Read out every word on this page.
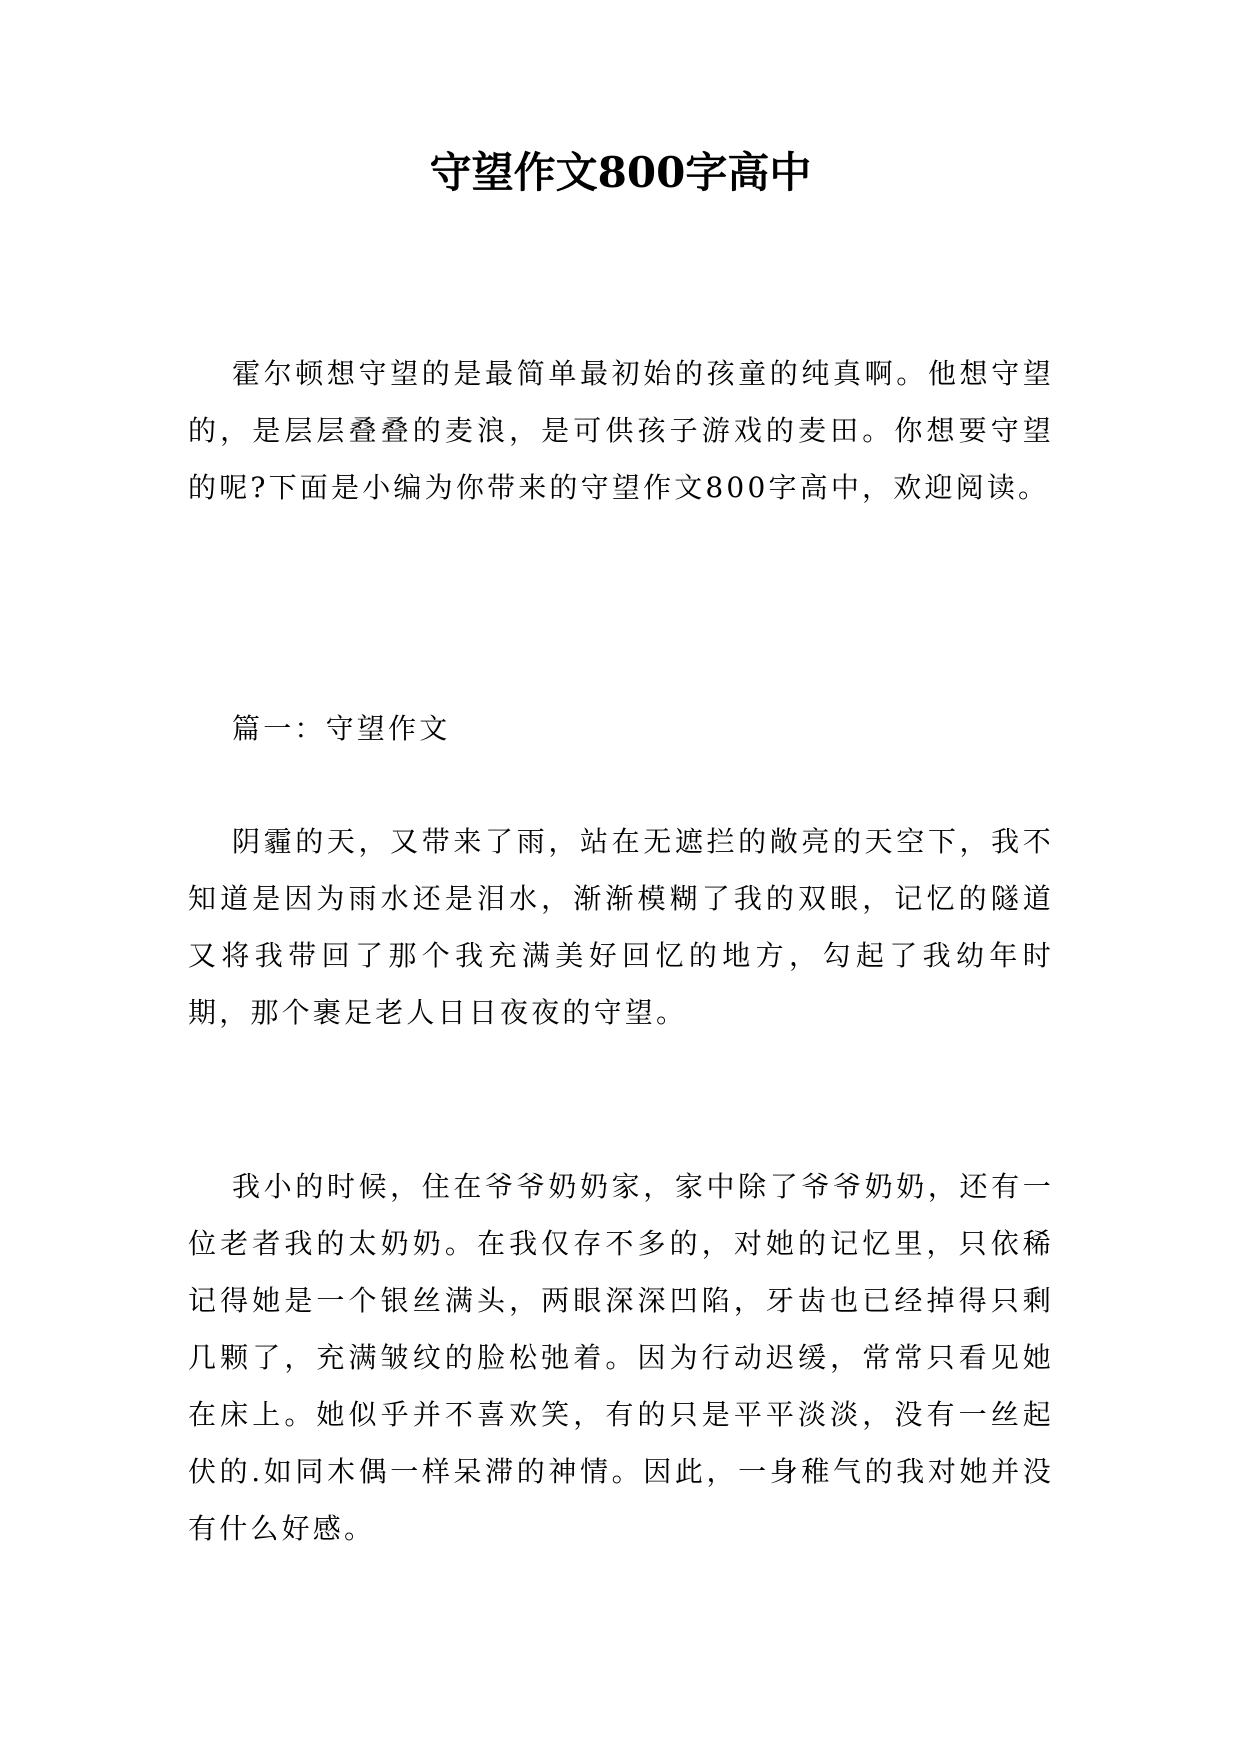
守望作文800字高中

霍尔顿想守望的是最简单最初始的孩童的纯真啊。他想守望的，是层层叠叠的麦浪，是可供孩子游戏的麦田。你想要守望的呢?下面是小编为你带来的守望作文800字高中，欢迎阅读。

篇一：守望作文

阴霾的天，又带来了雨，站在无遮拦的敞亮的天空下，我不知道是因为雨水还是泪水，渐渐模糊了我的双眼，记忆的隧道又将我带回了那个我充满美好回忆的地方，勾起了我幼年时期，那个裹足老人日日夜夜的守望。

我小的时候，住在爷爷奶奶家，家中除了爷爷奶奶，还有一位老者我的太奶奶。在我仅存不多的，对她的记忆里，只依稀记得她是一个银丝满头，两眼深深凹陷，牙齿也已经掉得只剩几颗了，充满皱纹的脸松弛着。因为行动迟缓，常常只看见她在床上。她似乎并不喜欢笑，有的只是平平淡淡，没有一丝起伏的.如同木偶一样呆滞的神情。因此，一身稚气的我对她并没有什么好感。
